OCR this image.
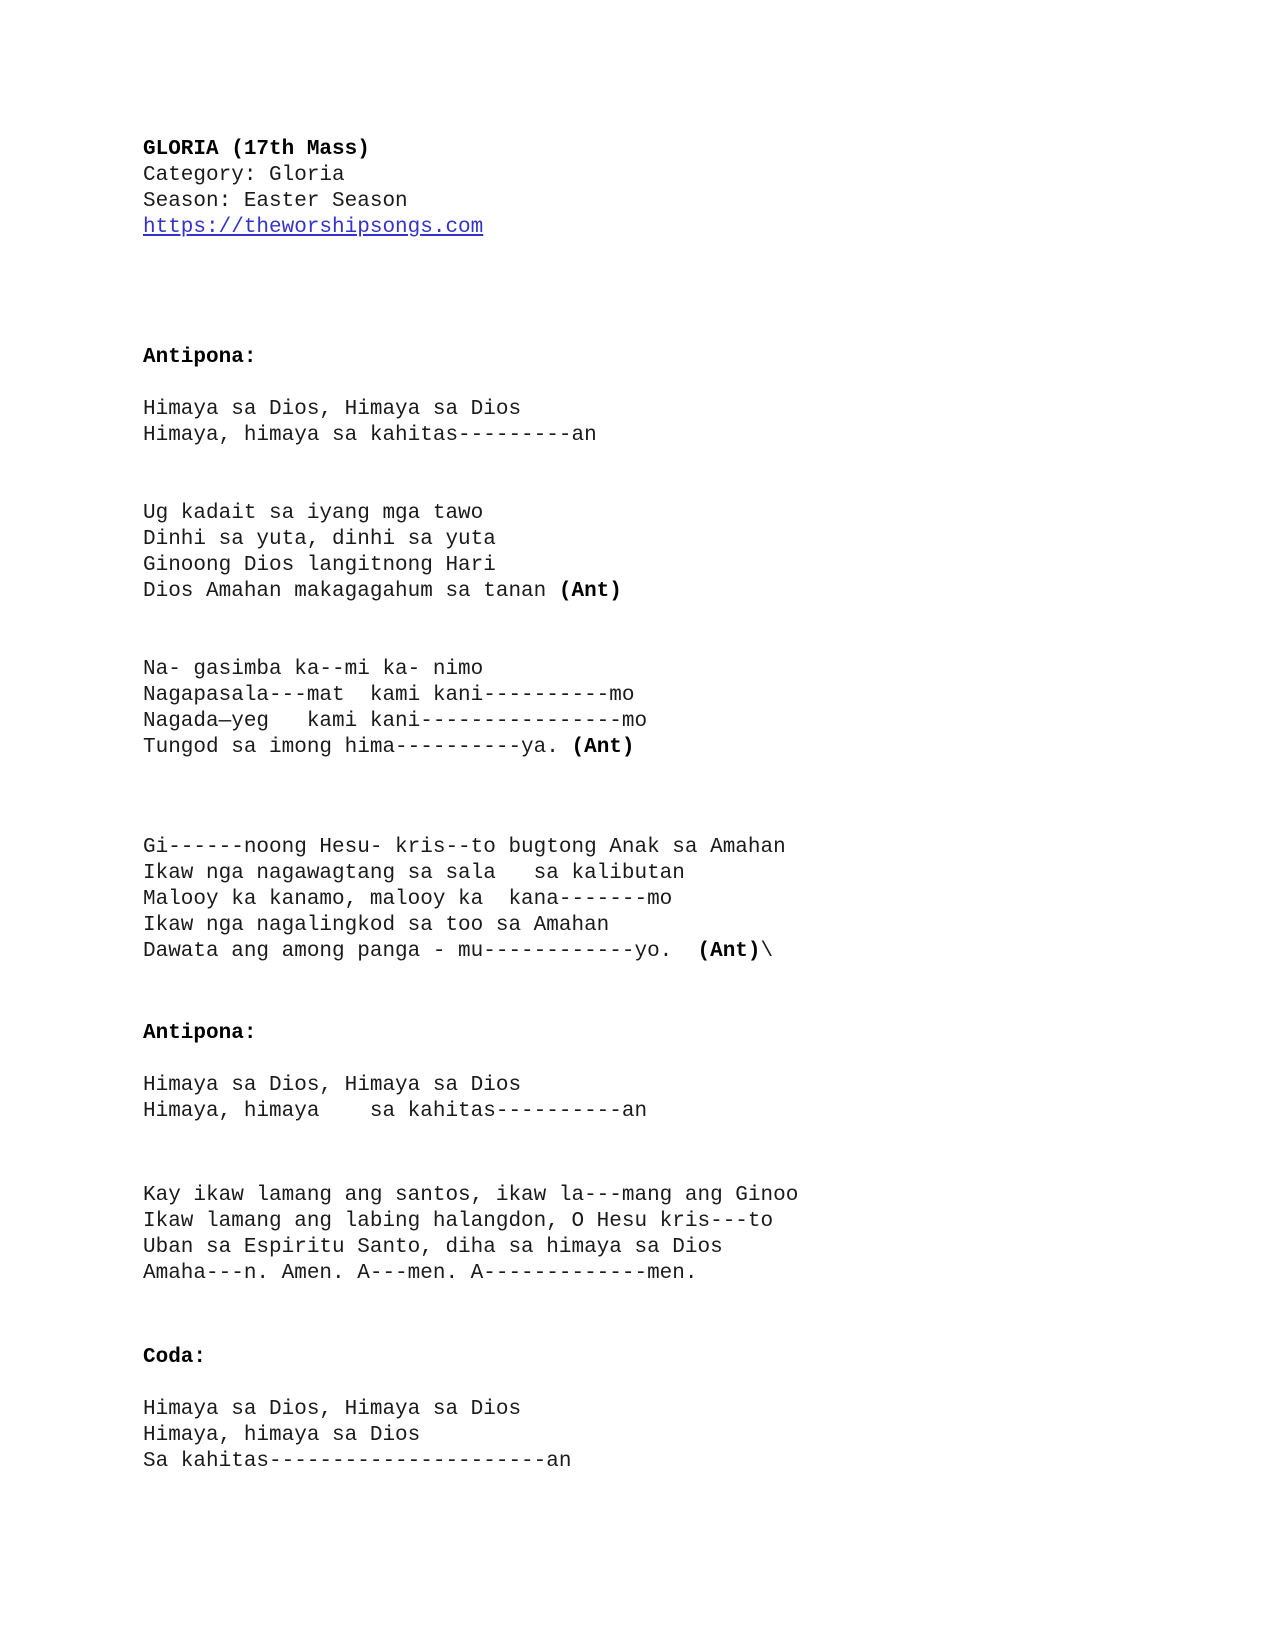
GLORIA (17th Mass)
Category: Gloria
Season: Easter Season
https://theworshipsongs.com
Antipona:
Himaya sa Dios, Himaya sa Dios
Himaya, himaya sa kahitas---------an
Ug kadait sa iyang mga tawo
Dinhi sa yuta, dinhi sa yuta
Ginoong Dios langitnong Hari
Dios Amahan makagagahum sa tanan (Ant)
Na- gasimba ka--mi ka- nimo
Nagapasala---mat  kami kani----------mo
Nagada—yeg   kami kani----------------mo
Tungod sa imong hima----------ya. (Ant)
Gi------noong Hesu- kris--to bugtong Anak sa Amahan
Ikaw nga nagawagtang sa sala   sa kalibutan
Malooy ka kanamo, malooy ka  kana-------mo
Ikaw nga nagalingkod sa too sa Amahan
Dawata ang among panga - mu------------yo.  (Ant)\
Antipona:
Himaya sa Dios, Himaya sa Dios
Himaya, himaya    sa kahitas----------an
Kay ikaw lamang ang santos, ikaw la---mang ang Ginoo
Ikaw lamang ang labing halangdon, O Hesu kris---to
Uban sa Espiritu Santo, diha sa himaya sa Dios
Amaha---n. Amen. A---men. A-------------men.
Coda:
Himaya sa Dios, Himaya sa Dios
Himaya, himaya sa Dios
Sa kahitas----------------------an
